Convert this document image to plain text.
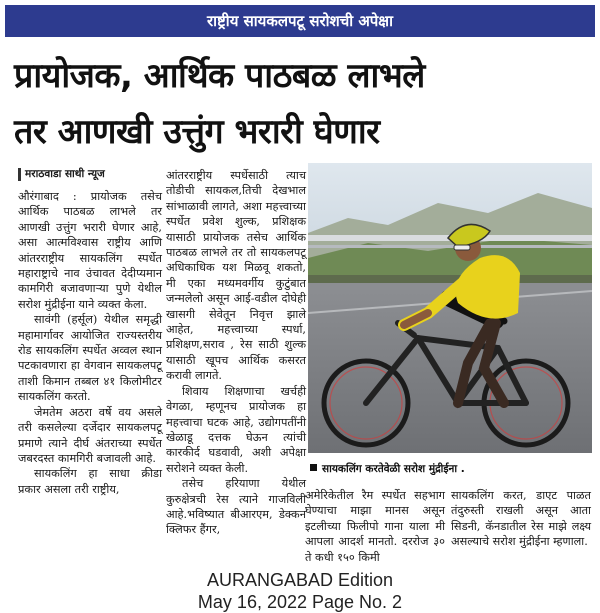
राष्ट्रीय सायकलपटू सरोशची अपेक्षा
प्रायोजक, आर्थिक पाठबळ लाभले
तर आणखी उत्तुंग भरारी घेणार
मराठवाडा साथी न्यूज

औरंगाबाद : प्रायोजक तसेच आर्थिक पाठबळ लाभले तर आणखी उत्तुंग भरारी घेणार आहे, असा आत्मविश्वास राष्ट्रीय आणि आंतरराष्ट्रीय सायकलिंग स्पर्धेत महाराष्ट्राचे नाव उंचावत देदीप्यमान कामगिरी बजावणाऱ्या पुणे येथील सरोश मुंद्रीईना याने व्यक्त केला.

सावंगी (हर्सूल) येथील समृद्धी महामार्गावर आयोजित राज्यस्तरीय रोड सायकलिंग स्पर्धेत अव्वल स्थान पटकावणारा हा वेगवान सायकलपटू ताशी किमान तब्बल ४१ किलोमीटर सायकलिंग करतो.

जेमतेम अठरा वर्षे वय असले तरी कसलेल्या दर्जेदार सायकलपटू प्रमाणे त्याने दीर्घ अंतराच्या स्पर्धेत जबरदस्त कामगिरी बजावली आहे.

सायकलिंग हा साधा क्रीडा प्रकार असला तरी राष्ट्रीय,

आंतरराष्ट्रीय स्पर्धेसाठी त्याच तोडीची सायकल,तिची देखभाल सांभाळावी लागते, अशा महत्त्वाच्या स्पर्धेत प्रवेश शुल्क, प्रशिक्षक यासाठी प्रायोजक तसेच आर्थिक पाठबळ लाभले तर तो सायकलपटू अधिकाधिक यश मिळवू शकतो, मी एका मध्यमवर्गीय कुटुंबात जन्मलेलो असून आई-वडील दोघेही खासगी सेवेतून निवृत्त झाले आहेत, महत्त्वाच्या स्पर्धा, प्रशिक्षण,सराव , रेस साठी शुल्क यासाठी खूपच आर्थिक कसरत करावी लागते.

शिवाय शिक्षणाचा खर्चही वेगळा, म्हणूनच प्रायोजक हा महत्त्वाचा घटक आहे, उद्योगपतींनी खेळाडू दत्तक घेऊन त्यांची कारकीर्द घडवावी, अशी अपेक्षा सरोशने व्यक्त केली.

तसेच हरियाणा येथील कुरुक्षेत्रची रेस त्याने गाजविली आहे.भविष्यात बीआरएम, डेक्कन क्लिफर हैंगर,

सायकलिंग करतेवेळी सरोश मुंद्रीईना .

अमेरिकेतील रैम स्पर्धेत सहभाग घेण्याचा माझा मानस असून इटलीच्या फिलीपो गाना याला मी आपला आदर्श मानतो. दररोज ३० ते कधी १५० किमी

सायकलिंग करत, डाएट पाळत तंदुरुस्ती राखली असून आता सिडनी, कॅनडातील रेस माझे लक्ष्य असल्याचे सरोश मुंद्रीईना म्हणाला.

AURANGABAD Edition
May 16, 2022 Page No. 2
